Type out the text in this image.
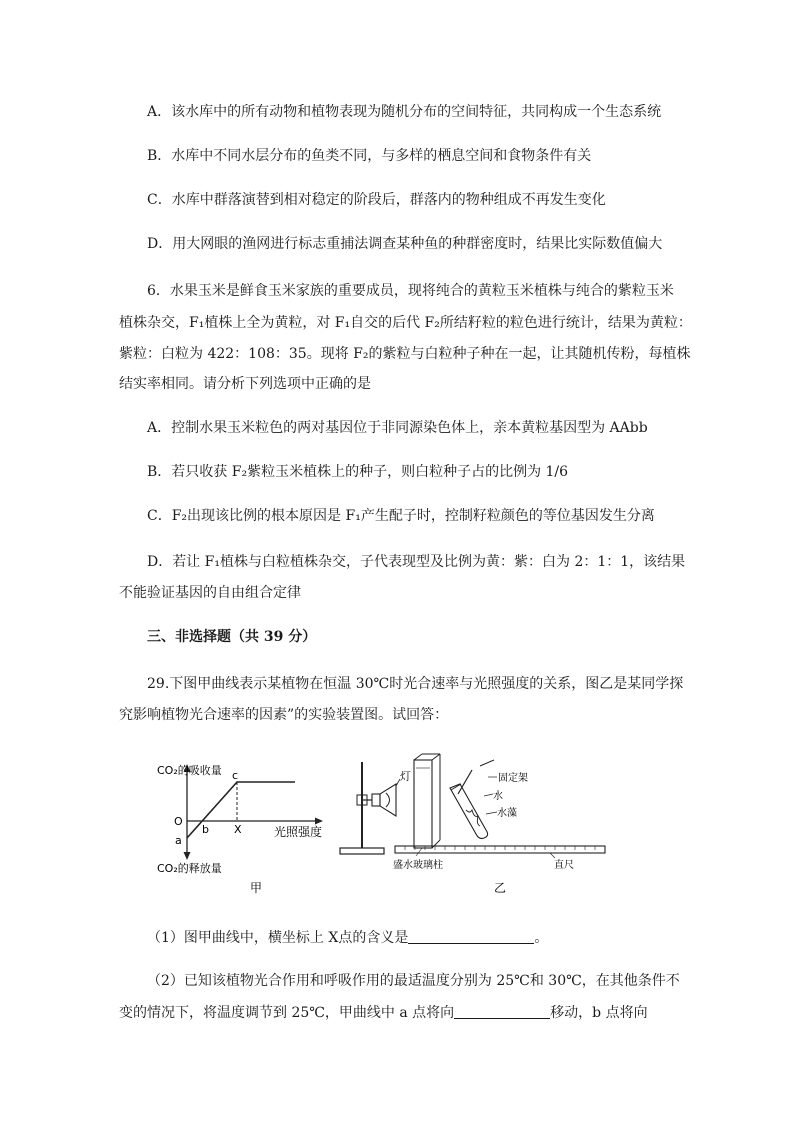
A．该水库中的所有动物和植物表现为随机分布的空间特征，共同构成一个生态系统
B．水库中不同水层分布的鱼类不同，与多样的栖息空间和食物条件有关
C．水库中群落演替到相对稳定的阶段后，群落内的物种组成不再发生变化
D．用大网眼的渔网进行标志重捕法调查某种鱼的种群密度时，结果比实际数值偏大
6．水果玉米是鲜食玉米家族的重要成员，现将纯合的黄粒玉米植株与纯合的紫粒玉米
植株杂交，F₁植株上全为黄粒，对 F₁自交的后代 F₂所结籽粒的粒色进行统计，结果为黄粒：
紫粒：白粒为 422：108：35。现将 F₂的紫粒与白粒种子种在一起，让其随机传粉，每植株
结实率相同。请分析下列选项中正确的是
A．控制水果玉米粒色的两对基因位于非同源染色体上，亲本黄粒基因型为 AAbb
B．若只收获 F₂紫粒玉米植株上的种子，则白粒种子占的比例为 1/6
C．F₂出现该比例的根本原因是 F₁产生配子时，控制籽粒颜色的等位基因发生分离
D．若让 F₁植株与白粒植株杂交，子代表现型及比例为黄：紫：白为 2：1：1，该结果
不能验证基因的自由组合定律
三、非选择题（共 39 分）
29.下图甲曲线表示某植物在恒温 30℃时光合速率与光照强度的关系，图乙是某同学探
究影响植物光合速率的因素”的实验装置图。试回答：
CO₂的吸收量
CO₂的释放量
光照强度
O
a
b
c
X
甲
灯	固定架
水
水藻
盛水玻璃柱	直尺
乙
（1）图甲曲线中，横坐标上 X点的含义是	。
（2）已知该植物光合作用和呼吸作用的最适温度分别为 25℃和 30℃，在其他条件不
变的情况下，将温度调节到 25℃，甲曲线中 a 点将向	移动，b 点将向
